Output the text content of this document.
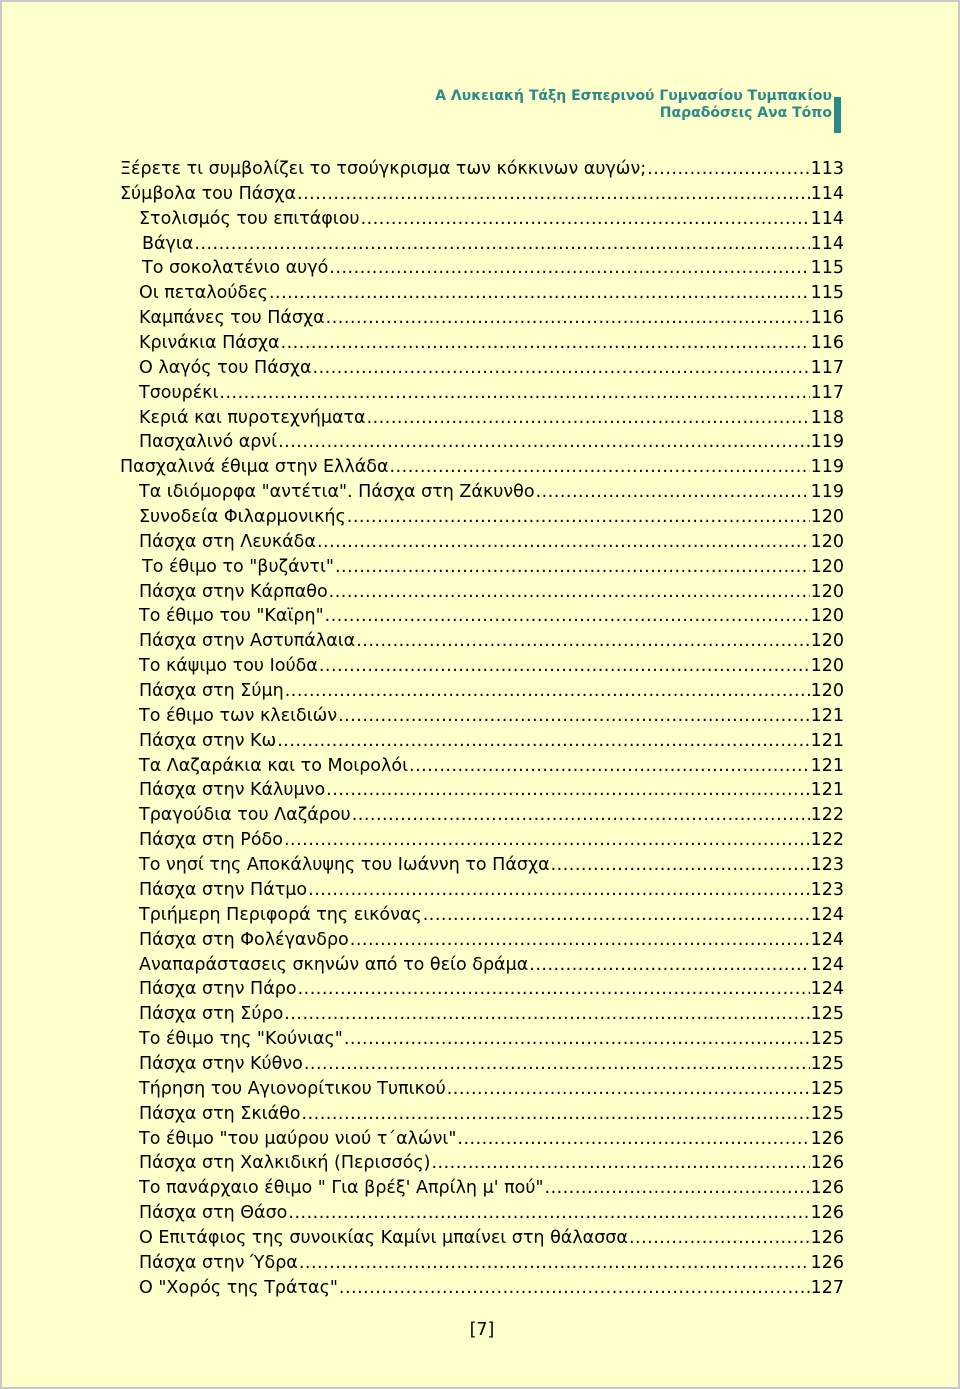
Α Λυκειακή Τάξη Εσπερινού Γυμνασίου Τυμπακίου
Παραδόσεις Ανα Τόπο
Ξέρετε τι συμβολίζει το τσούγκρισμα των κόκκινων αυγών; .....	113
Σύμβολα του Πάσχα .....	114
Στολισμός του επιτάφιου .....	114
Βάγια .....	114
Το σοκολατένιο αυγό .....	115
Οι πεταλούδες .....	115
Καμπάνες του Πάσχα .....	116
Κρινάκια Πάσχα .....	116
Ο λαγός του Πάσχα .....	117
Τσουρέκι .....	117
Κεριά και πυροτεχνήματα .....	118
Πασχαλινό αρνί .....	119
Πασχαλινά έθιμα στην Ελλάδα .....	119
Τα ιδιόμορφα "αντέτια". Πάσχα στη Ζάκυνθο .....	119
Συνοδεία Φιλαρμονικής .....	120
Πάσχα στη Λευκάδα .....	120
Το έθιμο το "βυζάντι" .....	120
Πάσχα στην Κάρπαθο .....	120
Το έθιμο του "Καϊρη" .....	120
Πάσχα στην Αστυπάλαια .....	120
Το κάψιμο του Ιούδα .....	120
Πάσχα στη Σύμη .....	120
Το έθιμο των κλειδιών .....	121
Πάσχα στην Κω .....	121
Τα Λαζαράκια και το Μοιρολόι .....	121
Πάσχα στην Κάλυμνο .....	121
Τραγούδια του Λαζάρου .....	122
Πάσχα στη Ρόδο .....	122
Το νησί της Αποκάλυψης του Ιωάννη το Πάσχα .....	123
Πάσχα στην Πάτμο .....	123
Τριήμερη Περιφορά της εικόνας .....	124
Πάσχα στη Φολέγανδρο .....	124
Αναπαράστασεις σκηνών από το θείο δράμα .....	124
Πάσχα στην Πάρο .....	124
Πάσχα στη Σύρο .....	125
Το έθιμο της "Κούνιας" .....	125
Πάσχα στην Κύθνο .....	125
Τήρηση του Αγιονορίτικου Τυπικού .....	125
Πάσχα στη Σκιάθο .....	125
Το έθιμο "του μαύρου νιού τ΄αλώνι" .....	126
Πάσχα στη Χαλκιδική (Περισσός) .....	126
Το πανάρχαιο έθιμο " Για βρέξ' Απρίλη μ' πού" .....	126
Πάσχα στη Θάσο .....	126
Ο Επιτάφιος της συνοικίας Καμίνι μπαίνει στη θάλασσα .....	126
Πάσχα στην Ύδρα .....	126
Ο "Χορός της Τράτας" .....	127
[7]
